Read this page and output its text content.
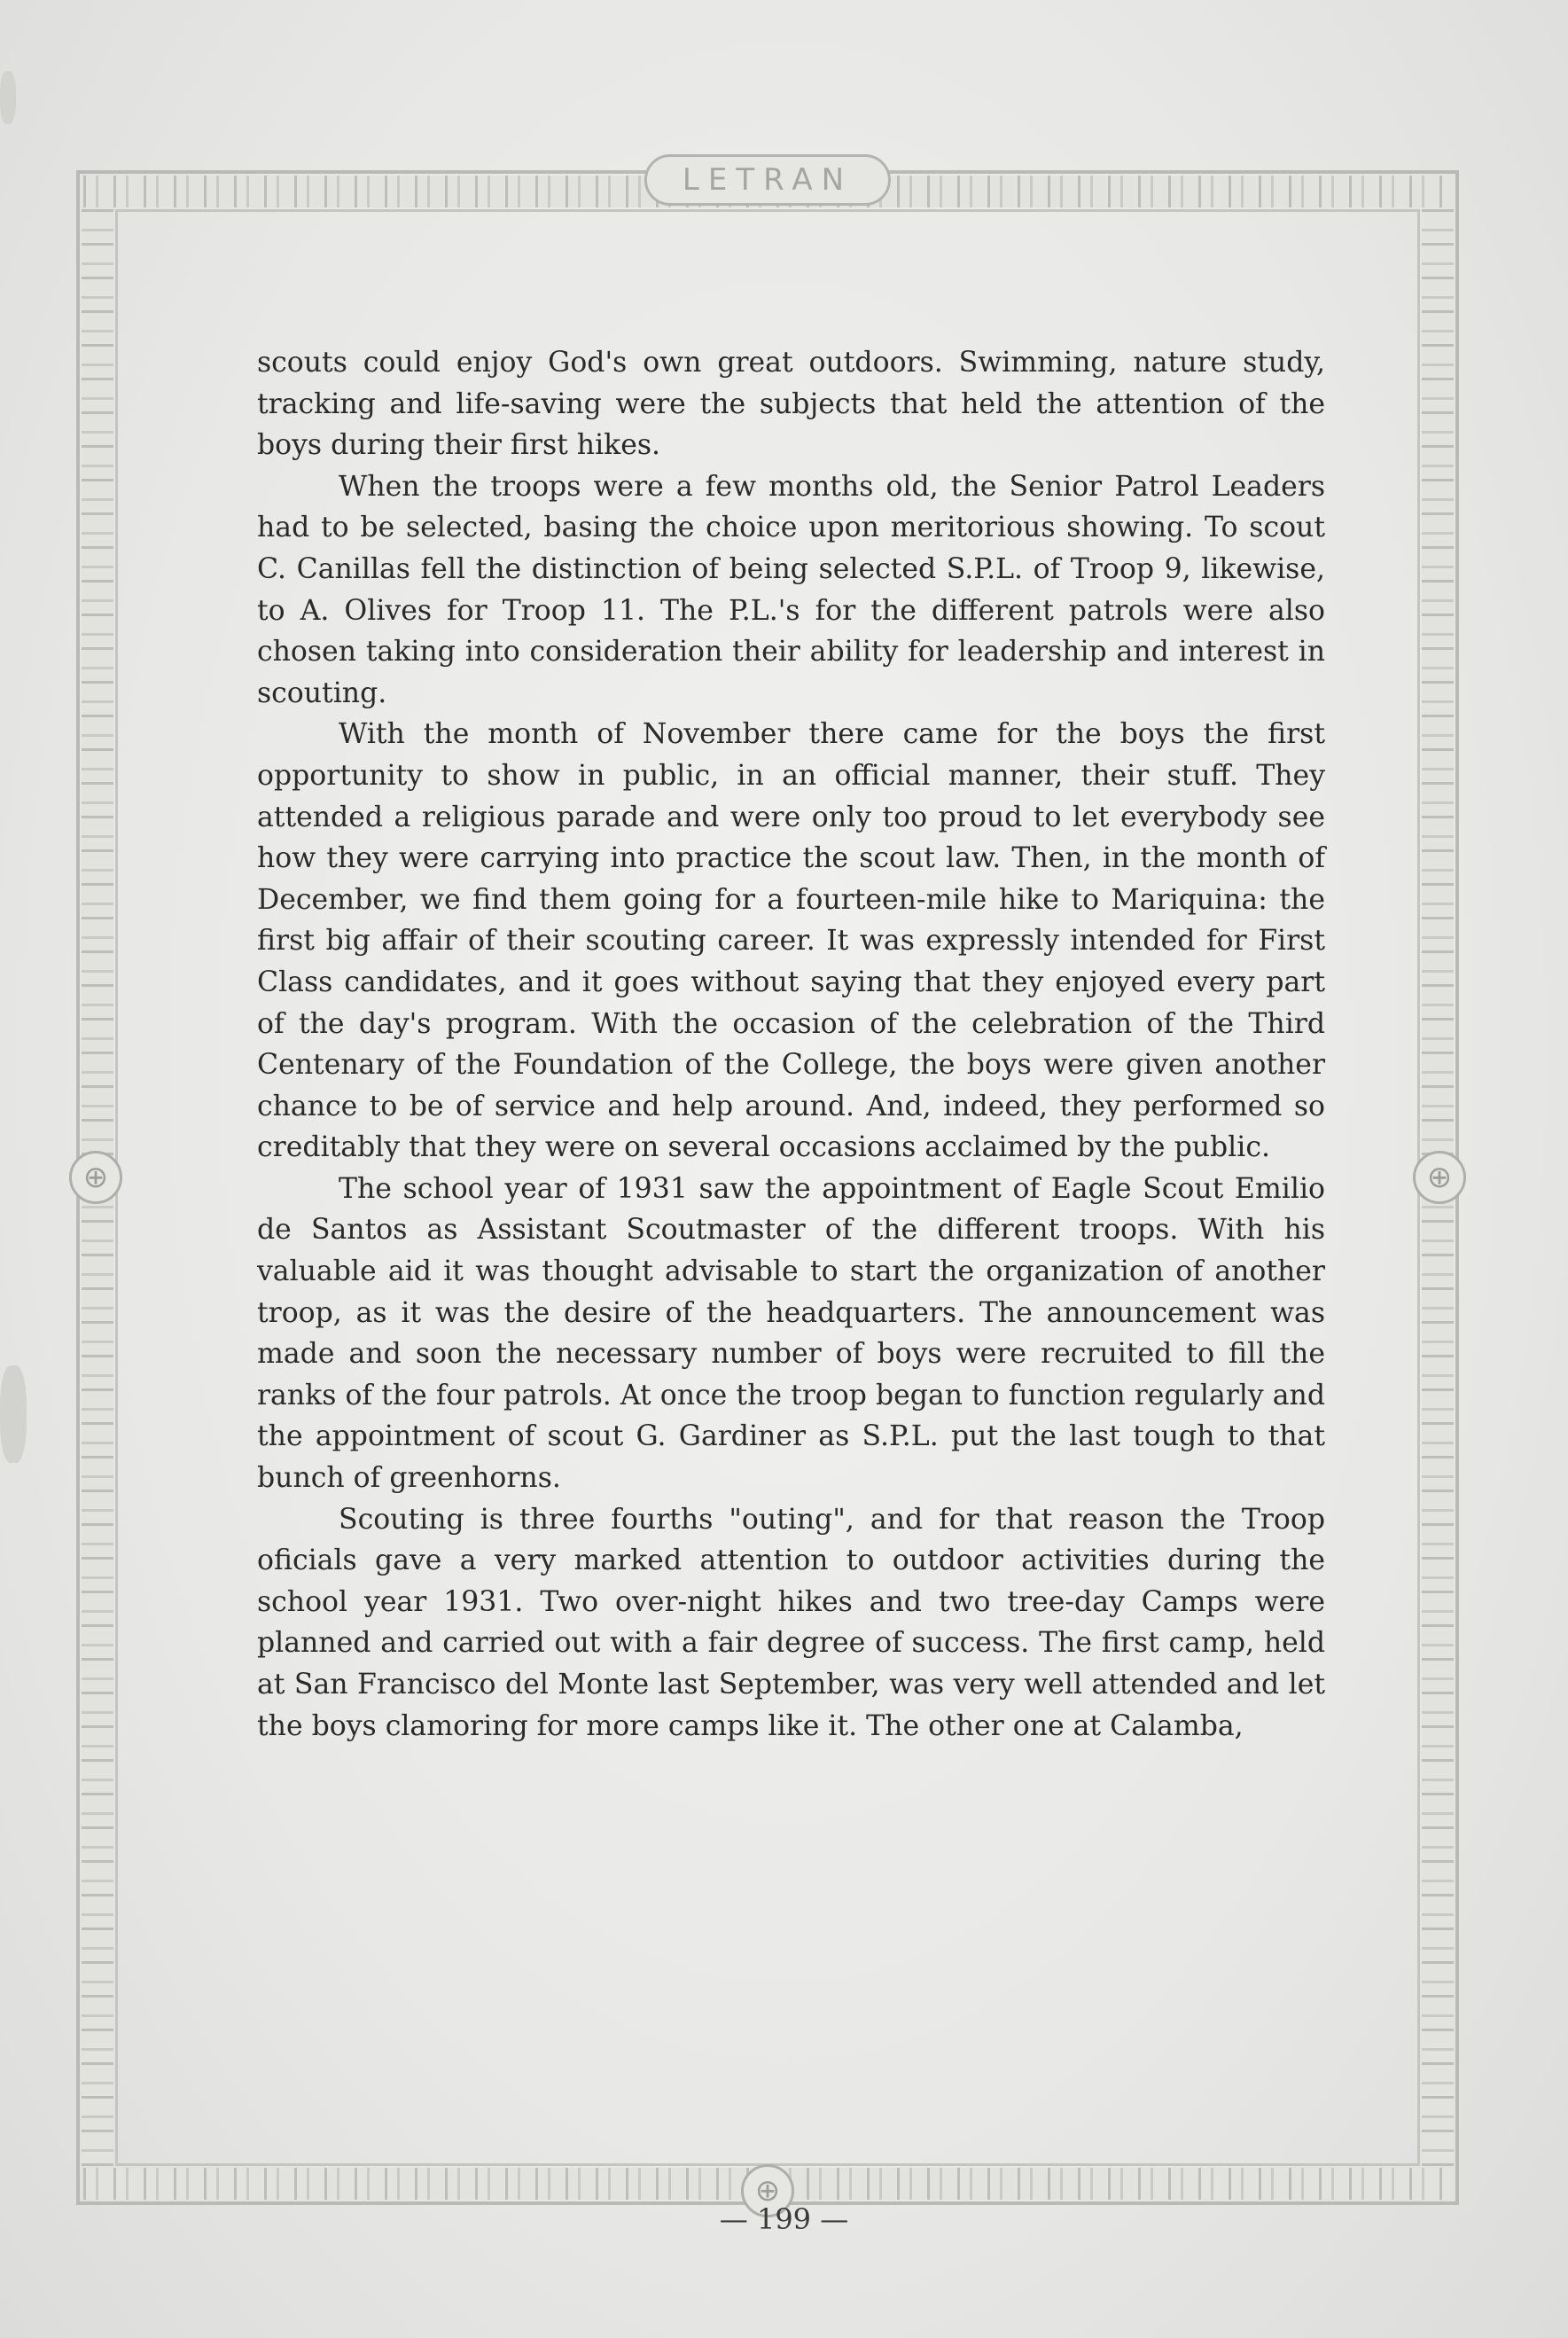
LETRAN
⊕	⊕
⊕

scouts could enjoy God's own great outdoors. Swimming, nature study, tracking and life-saving were the subjects that held the attention of the boys during their first hikes.

When the troops were a few months old, the Senior Patrol Leaders had to be selected, basing the choice upon meritorious showing. To scout C. Canillas fell the distinction of being selected S.P.L. of Troop 9, likewise, to A. Olives for Troop 11. The P.L.'s for the different patrols were also chosen taking into consideration their ability for leadership and interest in scouting.

With the month of November there came for the boys the first opportunity to show in public, in an official manner, their stuff. They attended a religious parade and were only too proud to let everybody see how they were carrying into practice the scout law. Then, in the month of December, we find them going for a fourteen-mile hike to Mariquina: the first big affair of their scouting career. It was expressly intended for First Class candidates, and it goes without saying that they enjoyed every part of the day's program. With the occasion of the celebration of the Third Centenary of the Foundation of the College, the boys were given another chance to be of service and help around. And, indeed, they performed so creditably that they were on several occasions acclaimed by the public.

The school year of 1931 saw the appointment of Eagle Scout Emilio de Santos as Assistant Scoutmaster of the different troops. With his valuable aid it was thought advisable to start the organization of another troop, as it was the desire of the headquarters. The announcement was made and soon the necessary number of boys were recruited to fill the ranks of the four patrols. At once the troop began to function regularly and the appointment of scout G. Gardiner as S.P.L. put the last tough to that bunch of greenhorns.

Scouting is three fourths "outing", and for that reason the Troop oficials gave a very marked attention to outdoor activities during the school year 1931. Two over-night hikes and two tree-day Camps were planned and carried out with a fair degree of success. The first camp, held at San Francisco del Monte last September, was very well attended and let the boys clamoring for more camps like it. The other one at Calamba,

— 199 —
